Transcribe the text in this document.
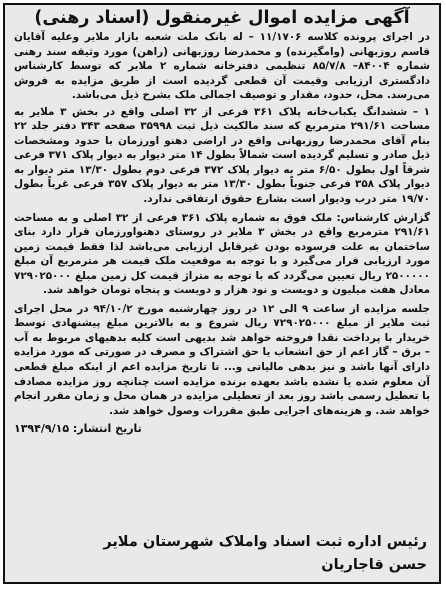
آگهی مزایده اموال غیرمنقول (اسناد رهنی)

در اجرای پرونده کلاسه ۱۱/۱۷۰۶ – له بانک ملت شعبه بازار ملایر وعلیه آقایان قاسم روزبهانی (وامگیرنده) و محمدرضا روزبهانی (راهن) مورد وثیقه سند رهنی شماره ۸۴۰۰۴– ۸۵/۷/۸ تنظیمی دفترخانه شماره ۲ ملایر که توسط کارشناس دادگستری ارزیابی وقیمت آن قطعی گردیده است از طریق مزایده به فروش می‌رسد. محل، حدود، مقدار و توصیف اجمالی ملک بشرح ذیل می‌باشد.

۱ – ششدانگ یکباب‌خانه پلاک ۳۶۱ فرعی از ۳۲ اصلی واقع در بخش ۳ ملایر به مساحت ۲۹۱/۶۱ مترمربع که سند مالکیت ذیل ثبت ۳۵۹۹۸ صفحه ۳۴۳ دفتر جلد ۲۲ بنام آقای محمدرضا روزبهانی واقع در اراضی دهنو اورزمان با حدود ومشخصات ذیل صادر و تسلیم گردیده است شمالاً بطول ۱۴ متر دیوار به دیوار پلاک ۳۷۱ فرعی شرقاً اول بطول ۶/۵۰ متر به دیوار پلاک ۳۷۲ فرعی دوم بطول ۱۳/۳۰ متر دیوار به دیوار پلاک ۳۵۸ فرعی جنوباً بطول ۱۳/۳۰ متر به دیوار پلاک ۳۵۷ فرعی غرباً بطول ۱۹/۷۰ متر درب ودیوار است بشارع حقوق ارتفاقی ندارد.

گزارش کارشناس: ملک فوق به شماره پلاک ۳۶۱ فرعی از ۳۲ اصلی و به مساحت ۲۹۱/۶۱ مترمربع واقع در بخش ۳ ملایر در روستای دهنواورزمان قرار دارد بنای ساختمان به علت فرسوده بودن غیرقابل ارزیابی می‌باشد لذا فقط قیمت زمین مورد ارزیابی قرار می‌گیرد و با توجه به موقعیت ملک قیمت هر مترمربع آن مبلغ ۲۵۰۰۰۰۰ ریال تعیین می‌گردد که با توجه به متراژ قیمت کل زمین مبلغ ۷۲۹۰۲۵۰۰۰ معادل هفت میلیون و دویست و نود هزار و دویست و پنجاه تومان خواهد شد.

جلسه مزایده از ساعت ۹ الی ۱۲ در روز چهارشنبه مورخ ۹۴/۱۰/۲ در محل اجرای ثبت ملایر از مبلغ ۷۲۹۰۲۵۰۰۰ ریال شروع و به بالاترین مبلغ پیشنهادی توسط خریدار با پرداخت نقدا فروخته خواهد شد بدیهی است کلیه بدهیهای مربوط به آب – برق – گاز اعم از حق انشعاب یا حق اشتراک و مصرف در صورتی که مورد مزایده دارای آنها باشد و نیز بدهی مالیاتی و... تا تاریخ مزایده اعم از اینکه مبلغ قطعی آن معلوم شده یا نشده باشد بعهده برنده مزایده است چنانچه روز مزایده مصادف با تعطیل رسمی باشد روز بعد از تعطیلی مزایده در همان محل و زمان مقرر انجام خواهد شد. و هزینه‌های اجرایی طبق مقررات وصول خواهد شد.

تاریخ انتشار: ۱۳۹۴/۹/۱۵
رئیس اداره ثبت اسناد واملاک شهرستان ملایر
حسن قاجاریان
